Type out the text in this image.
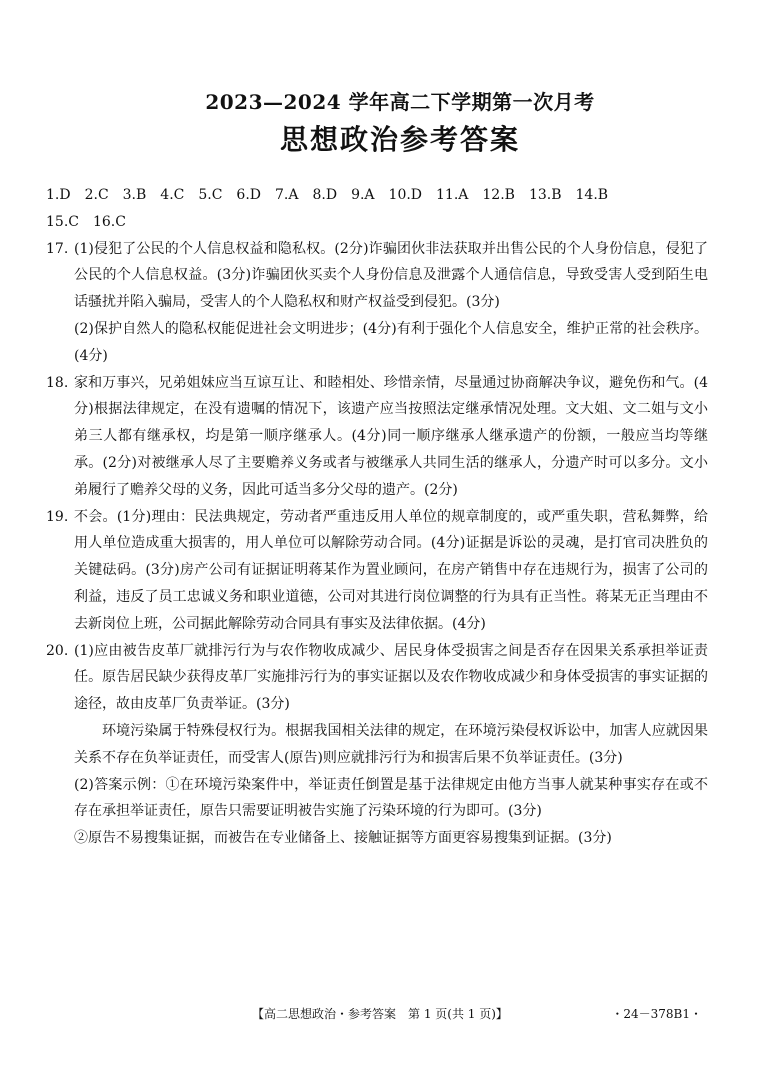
2023—2024 学年高二下学期第一次月考
思想政治参考答案
1.D　2.C　3.B　4.C　5.C　6.D　7.A　8.D　9.A　10.D　11.A　12.B　13.B　14.B
15.C　16.C
17. (1)侵犯了公民的个人信息权益和隐私权。(2分)诈骗团伙非法获取并出售公民的个人身份信息，侵犯了公民的个人信息权益。(3分)诈骗团伙买卖个人身份信息及泄露个人通信信息，导致受害人受到陌生电话骚扰并陷入骗局，受害人的个人隐私权和财产权益受到侵犯。(3分)

(2)保护自然人的隐私权能促进社会文明进步；(4分)有利于强化个人信息安全，维护正常的社会秩序。(4分)

18. 家和万事兴，兄弟姐妹应当互谅互让、和睦相处、珍惜亲情，尽量通过协商解决争议，避免伤和气。(4分)根据法律规定，在没有遗嘱的情况下，该遗产应当按照法定继承情况处理。文大姐、文二姐与文小弟三人都有继承权，均是第一顺序继承人。(4分)同一顺序继承人继承遗产的份额，一般应当均等继承。(2分)对被继承人尽了主要赡养义务或者与被继承人共同生活的继承人，分遗产时可以多分。文小弟履行了赡养父母的义务，因此可适当多分父母的遗产。(2分)

19. 不会。(1分)理由：民法典规定，劳动者严重违反用人单位的规章制度的，或严重失职，营私舞弊，给用人单位造成重大损害的，用人单位可以解除劳动合同。(4分)证据是诉讼的灵魂，是打官司决胜负的关键砝码。(3分)房产公司有证据证明蒋某作为置业顾问，在房产销售中存在违规行为，损害了公司的利益，违反了员工忠诚义务和职业道德，公司对其进行岗位调整的行为具有正当性。蒋某无正当理由不去新岗位上班，公司据此解除劳动合同具有事实及法律依据。(4分)

20. (1)应由被告皮革厂就排污行为与农作物收成减少、居民身体受损害之间是否存在因果关系承担举证责任。原告居民缺少获得皮革厂实施排污行为的事实证据以及农作物收成减少和身体受损害的事实证据的途径，故由皮革厂负责举证。(3分)

环境污染属于特殊侵权行为。根据我国相关法律的规定，在环境污染侵权诉讼中，加害人应就因果关系不存在负举证责任，而受害人(原告)则应就排污行为和损害后果不负举证责任。(3分)

(2)答案示例：①在环境污染案件中，举证责任倒置是基于法律规定由他方当事人就某种事实存在或不存在承担举证责任，原告只需要证明被告实施了污染环境的行为即可。(3分)

②原告不易搜集证据，而被告在专业储备上、接触证据等方面更容易搜集到证据。(3分)

【高二思想政治・参考答案　第 1 页(共 1 页)】	・24－378B1・
